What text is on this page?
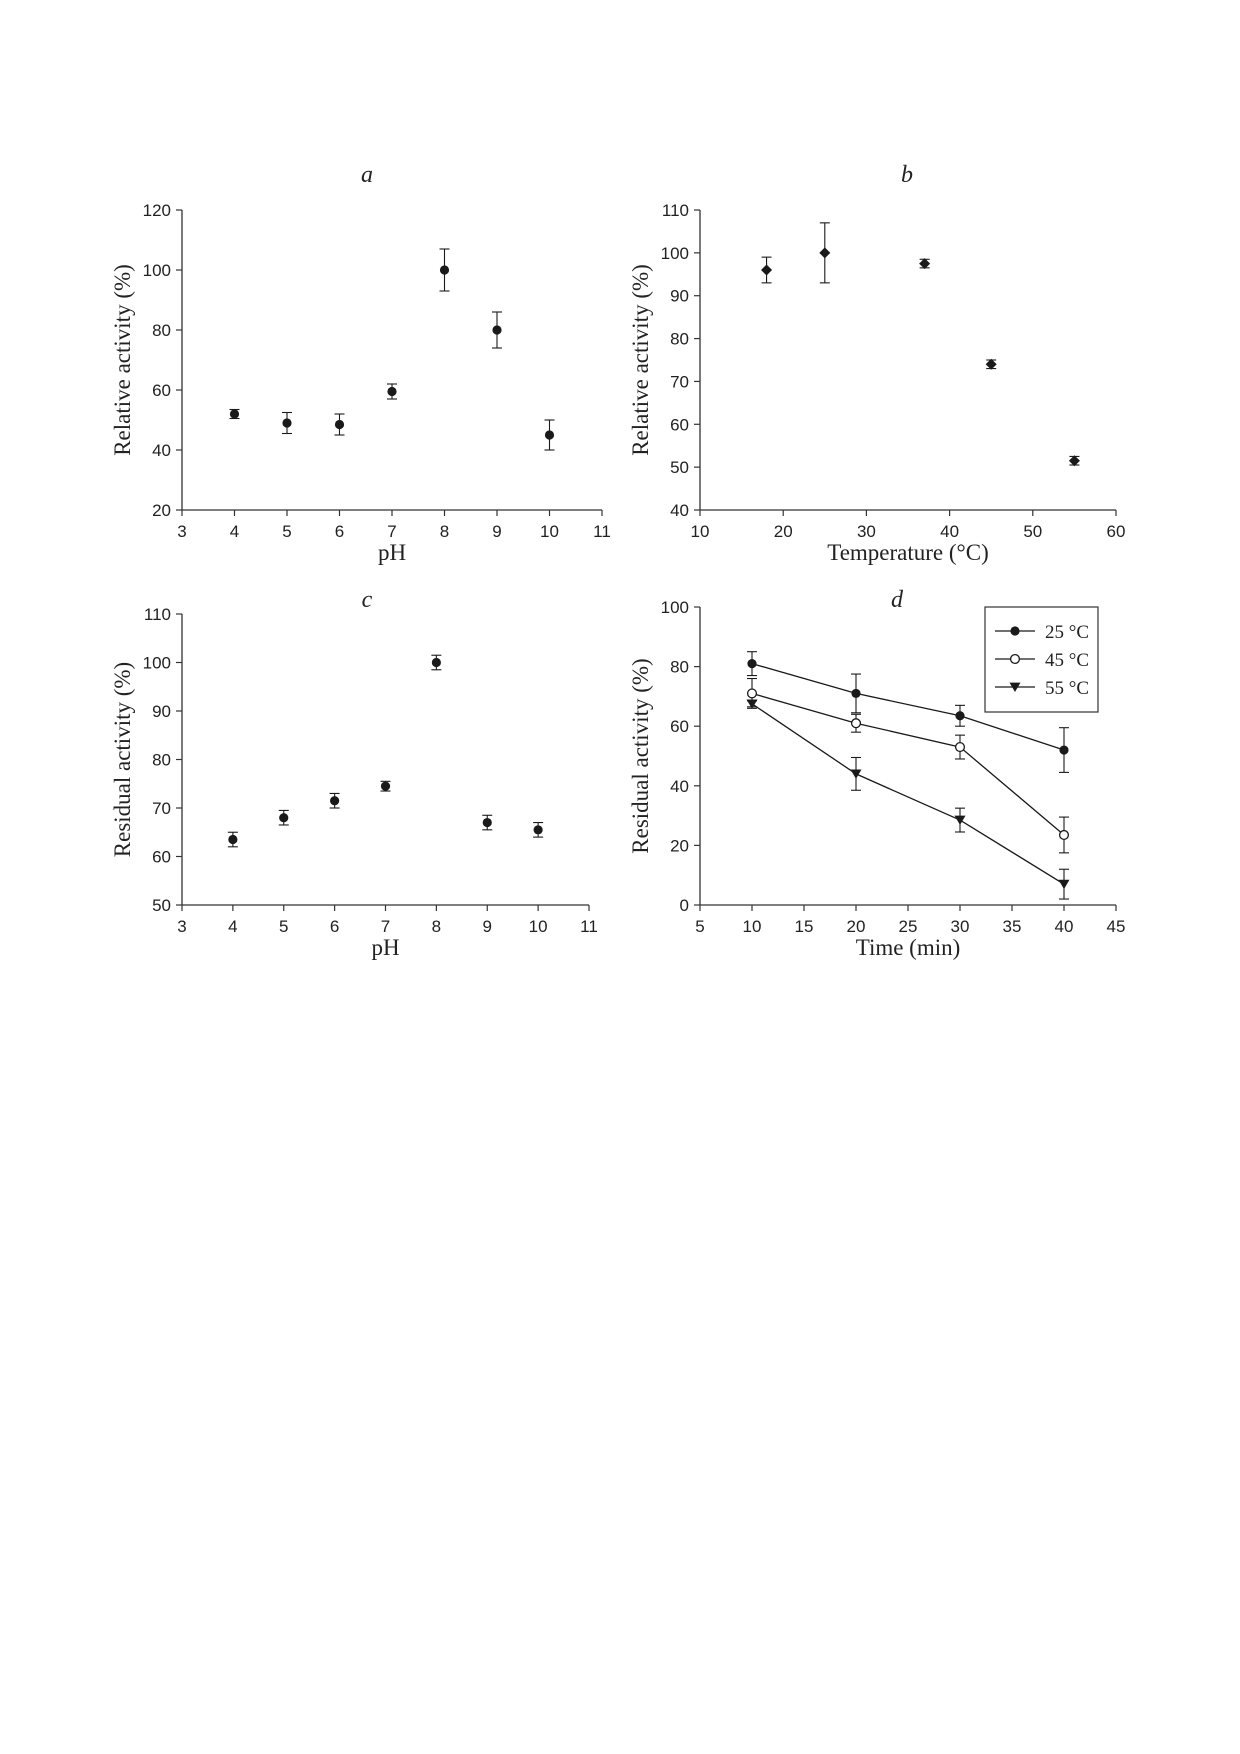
3	4	5	6	7	8	9 10 11
20
40
60
80
100
120
pH
Relative activity (%)
a
10	20	30	40	50	60
40
50
60
70
80
90
100
110
Temperature (°C)
Relative activity (%)
b
3 4 5 6 7 8 9 10 11
50
60
70
80
90
100
110
pH
Residual activity (%)
c
5 10 15 20 25 30 35 40 45
0
20
40
60
80
100
Time (min)
Residual activity (%)
d
25 °C
45 °C
55 °C
